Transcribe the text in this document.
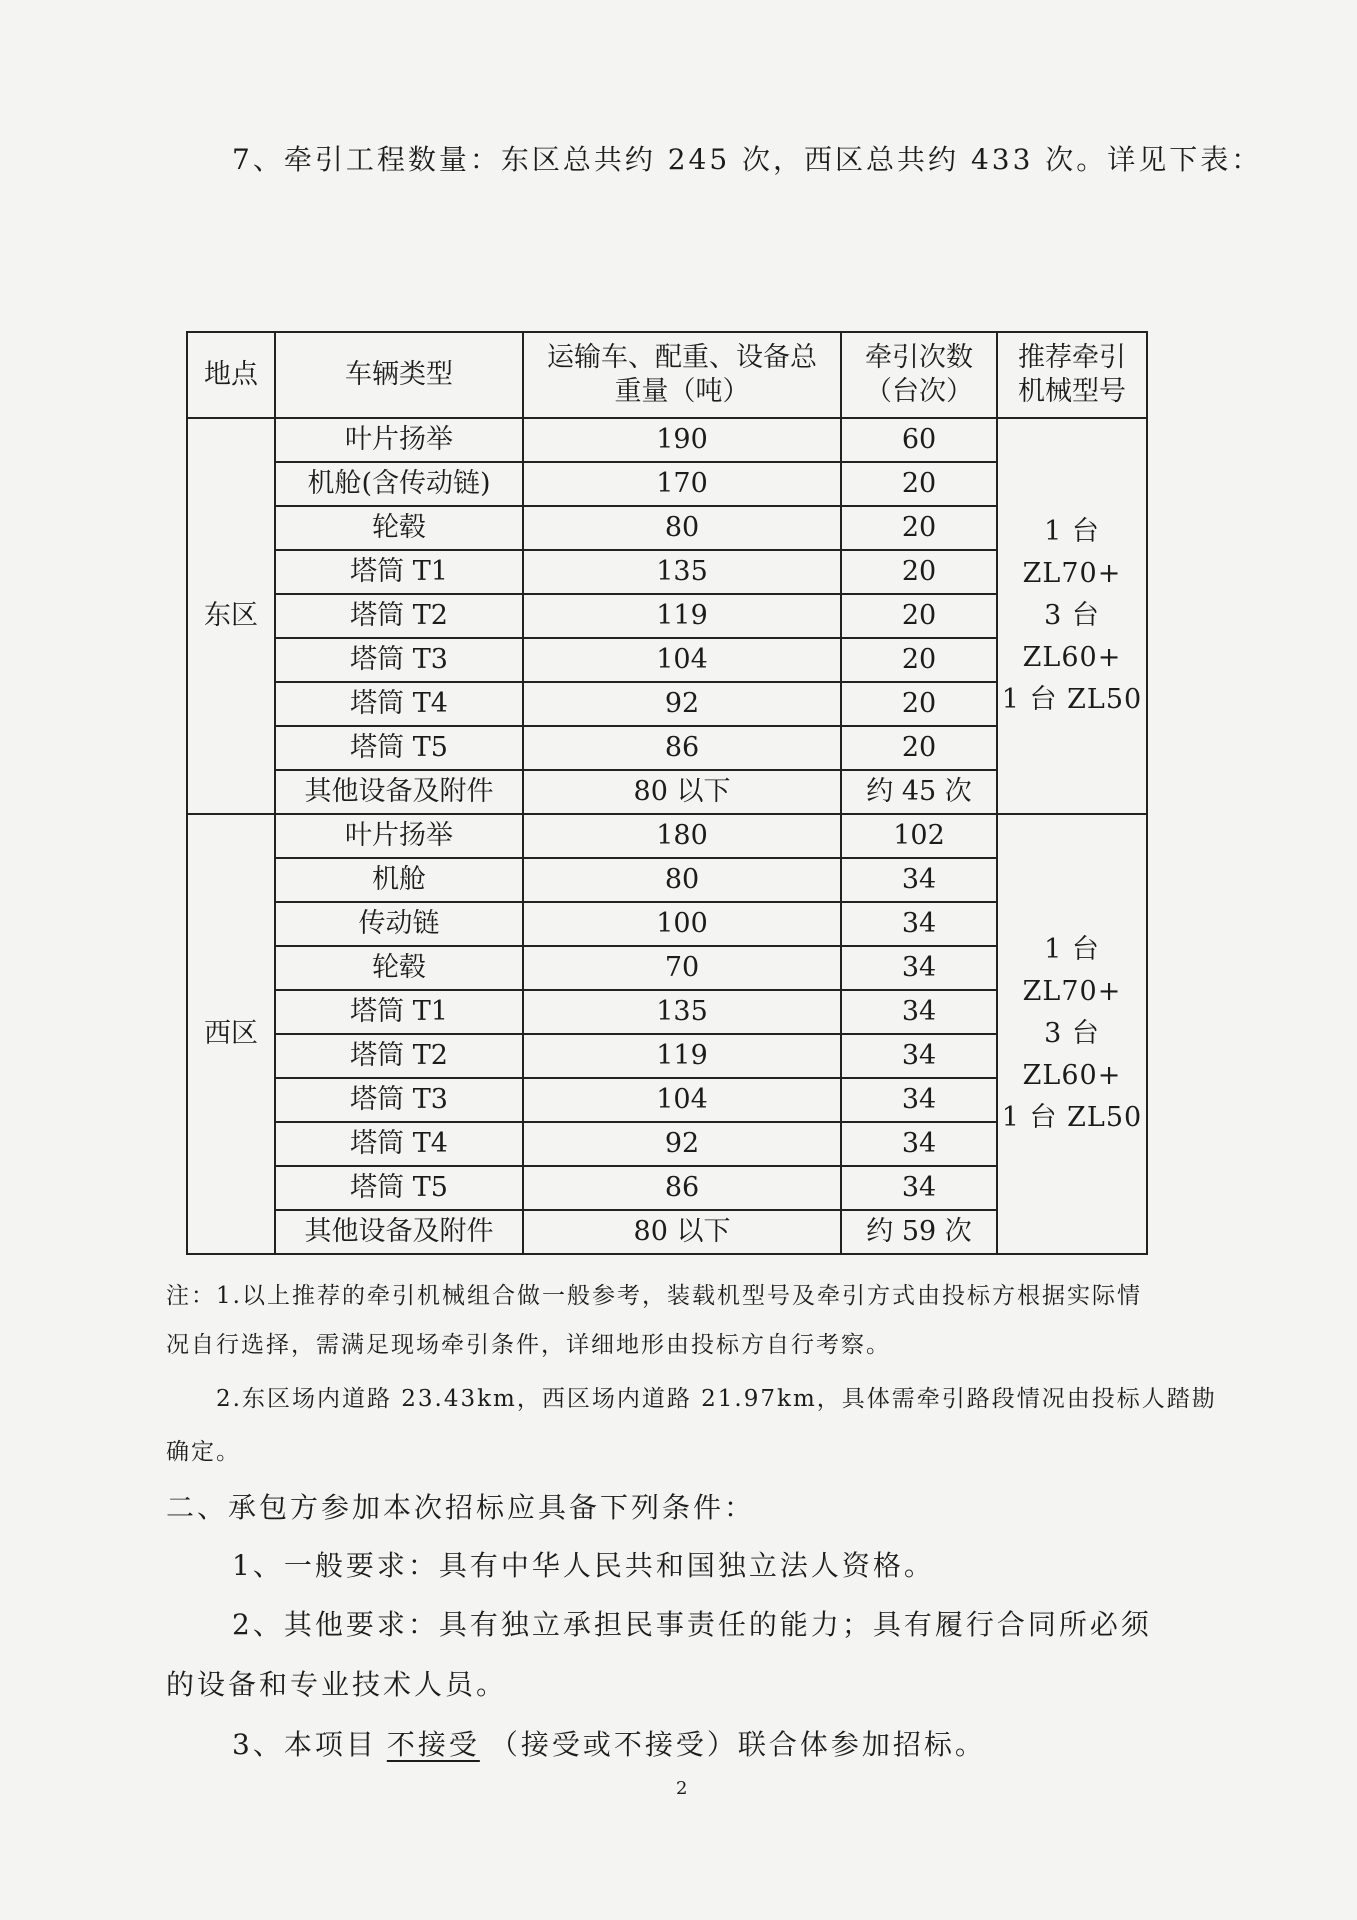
7、牵引工程数量：东区总共约 245 次，西区总共约 433 次。详见下表：
地点	车辆类型	运输车、配重、设备总重量（吨）	牵引次数（台次）	推荐牵引机械型号
东区	叶片扬举	190	60	1 台 ZL70+
3 台 ZL60+
1 台 ZL50

	机舱(含传动链)	170	20	
	轮毂	80	20	
	塔筒 T1	135	20	
	塔筒 T2	119	20	
	塔筒 T3	104	20	
	塔筒 T4	92	20	
	塔筒 T5	86	20	
	其他设备及附件	80 以下	约 45 次	
西区	叶片扬举	180	102	1 台 ZL70+
3 台 ZL60+
1 台 ZL50

	机舱	80	34	
	传动链	100	34	
	轮毂	70	34	
	塔筒 T1	135	34	
	塔筒 T2	119	34	
	塔筒 T3	104	34	
	塔筒 T4	92	34	
	塔筒 T5	86	34	
	其他设备及附件	80 以下	约 59 次	
注：1.以上推荐的牵引机械组合做一般参考，装载机型号及牵引方式由投标方根据实际情
况自行选择，需满足现场牵引条件，详细地形由投标方自行考察。
2.东区场内道路 23.43km，西区场内道路 21.97km，具体需牵引路段情况由投标人踏勘
确定。
二、承包方参加本次招标应具备下列条件：
1、一般要求：具有中华人民共和国独立法人资格。
2、其他要求：具有独立承担民事责任的能力；具有履行合同所必须
的设备和专业技术人员。
3、本项目 不接受 （接受或不接受）联合体参加招标。
2
